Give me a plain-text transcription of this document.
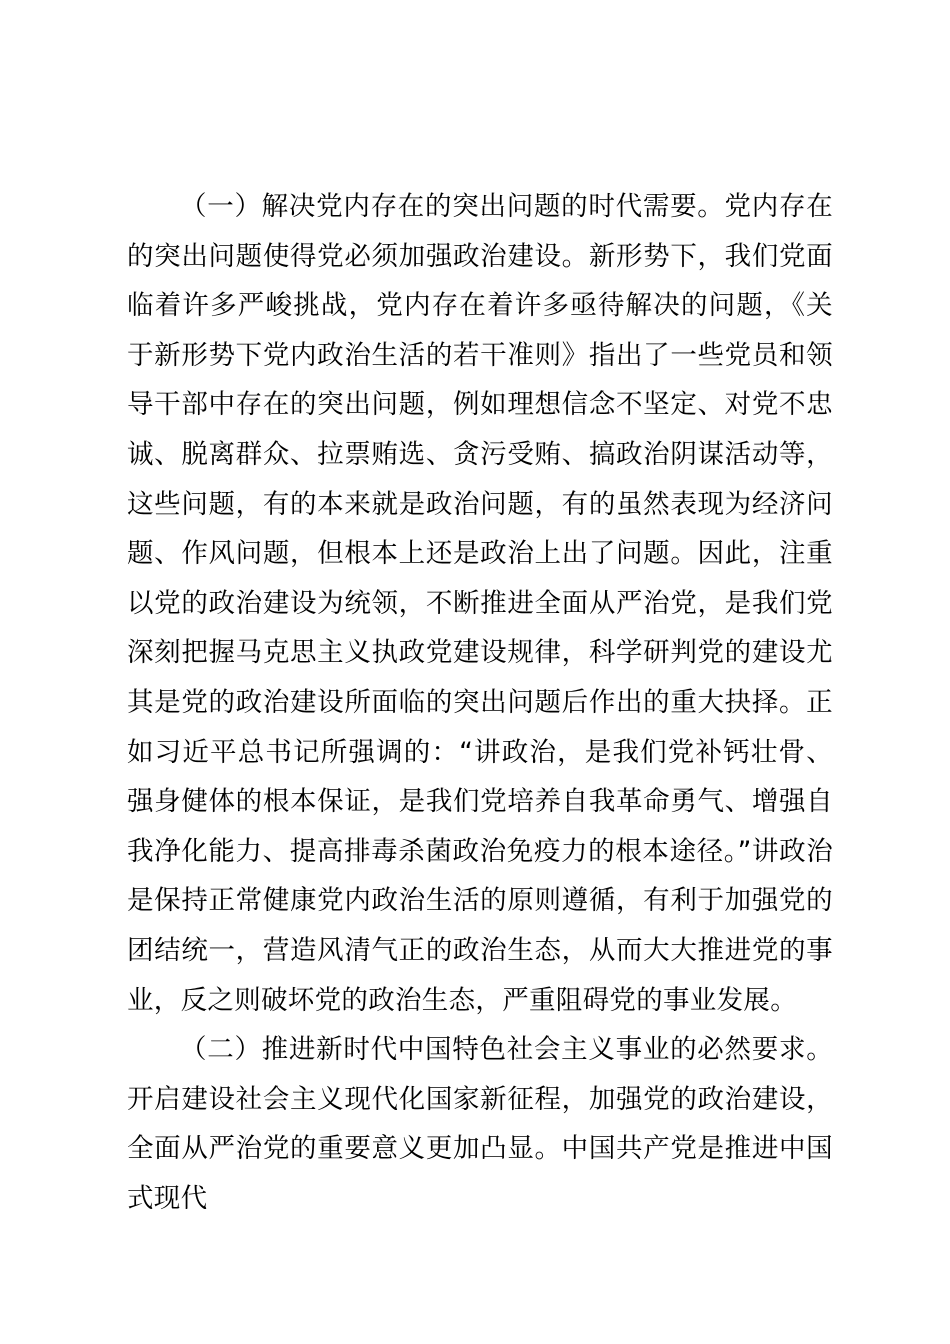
（一）解决党内存在的突出问题的时代需要。党内存在的突出问题使得党必须加强政治建设。新形势下，我们党面临着许多严峻挑战，党内存在着许多亟待解决的问题，《关于新形势下党内政治生活的若干准则》指出了一些党员和领导干部中存在的突出问题，例如理想信念不坚定、对党不忠诚、脱离群众、拉票贿选、贪污受贿、搞政治阴谋活动等，这些问题，有的本来就是政治问题，有的虽然表现为经济问题、作风问题，但根本上还是政治上出了问题。因此，注重以党的政治建设为统领，不断推进全面从严治党，是我们党深刻把握马克思主义执政党建设规律，科学研判党的建设尤其是党的政治建设所面临的突出问题后作出的重大抉择。正如习近平总书记所强调的：“讲政治，是我们党补钙壮骨、强身健体的根本保证，是我们党培养自我革命勇气、增强自我净化能力、提高排毒杀菌政治免疫力的根本途径。”讲政治是保持正常健康党内政治生活的原则遵循，有利于加强党的团结统一，营造风清气正的政治生态，从而大大推进党的事业，反之则破坏党的政治生态，严重阻碍党的事业发展。

（二）推进新时代中国特色社会主义事业的必然要求。开启建设社会主义现代化国家新征程，加强党的政治建设，全面从严治党的重要意义更加凸显。中国共产党是推进中国式现代
